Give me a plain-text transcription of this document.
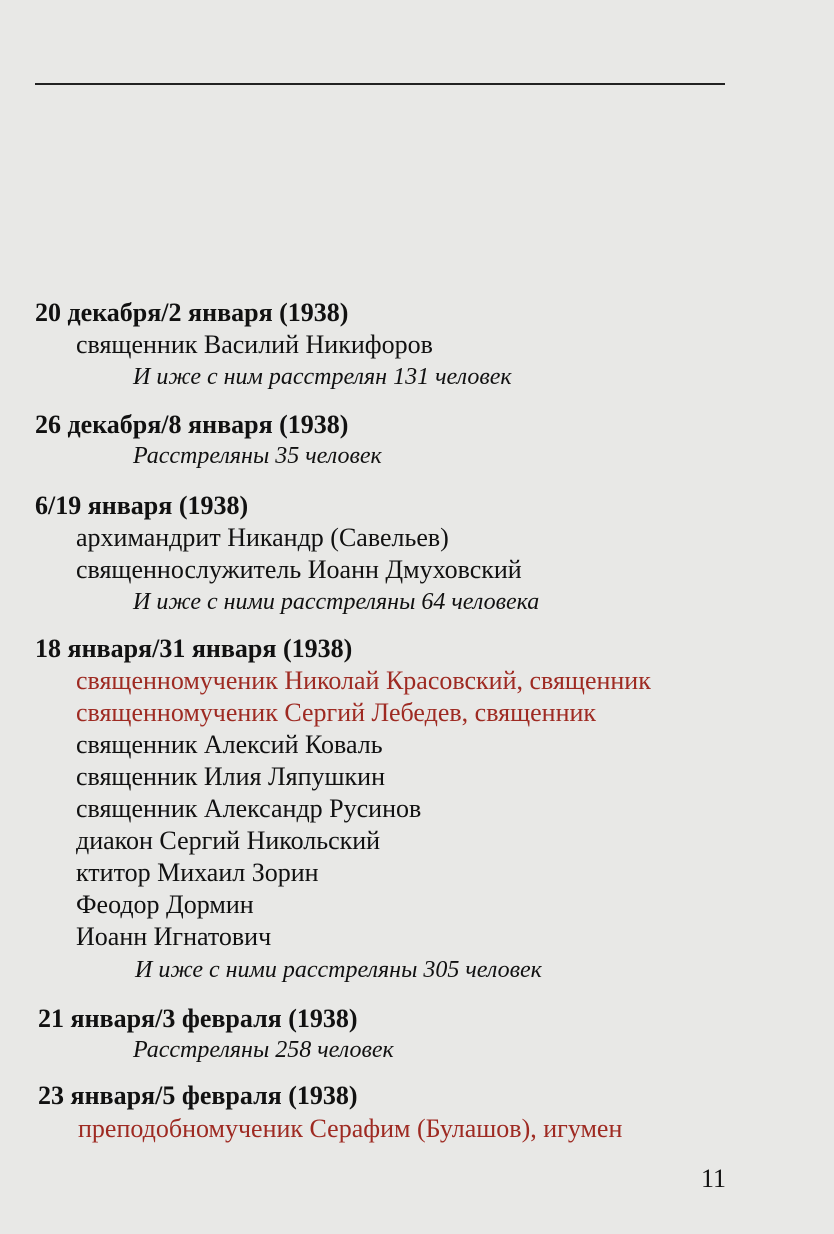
20 декабря/2 января (1938)
священник Василий Никифоров
И иже с ним расстрелян 131 человек
26 декабря/8 января (1938)
Расстреляны 35 человек
6/19 января (1938)
архимандрит Никандр (Савельев)
священнослужитель Иоанн Дмуховский
И иже с ними расстреляны 64 человека
18 января/31 января (1938)
священномученик Николай Красовский, священник
священномученик Сергий Лебедев, священник
священник Алексий Коваль
священник Илия Ляпушкин
священник Александр Русинов
диакон Сергий Никольский
ктитор Михаил Зорин
Феодор Дормин
Иоанн Игнатович
И иже с ними расстреляны 305 человек
21 января/3 февраля (1938)
Расстреляны 258 человек
23 января/5 февраля (1938)
преподобномученик Серафим (Булашов), игумен
11
